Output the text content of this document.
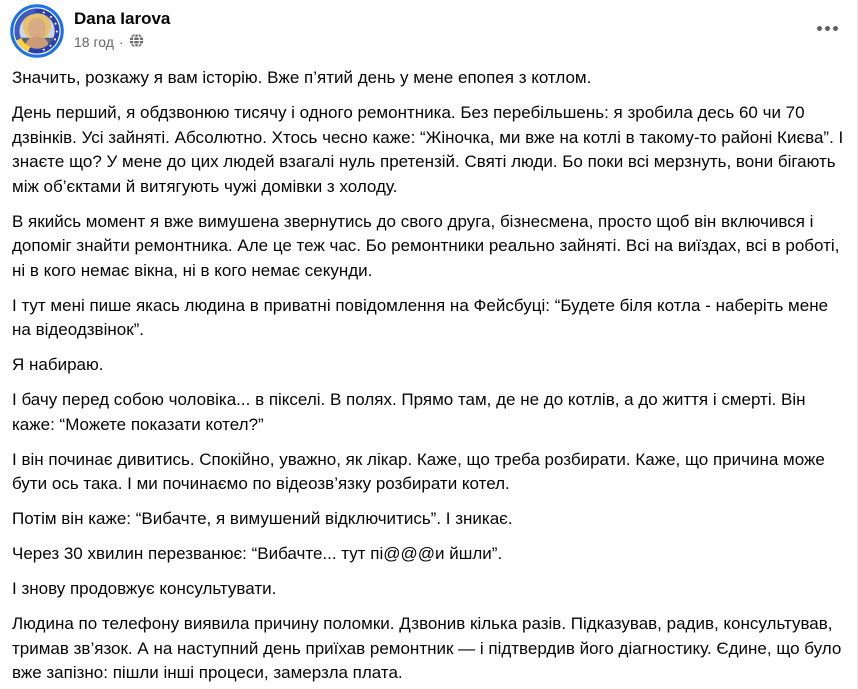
Dana Iarova
18 год ·

Значить, розкажу я вам історію. Вже п’ятий день у мене епопея з котлом.

День перший, я обдзвонюю тисячу і одного ремонтника. Без перебільшень: я зробила десь 60 чи 70 дзвінків. Усі зайняті. Абсолютно. Хтось чесно каже: “Жіночка, ми вже на котлі в такому-то районі Києва”. І знаєте що? У мене до цих людей взагалі нуль претензій. Святі люди. Бо поки всі мерзнуть, вони бігають між об’єктами й витягують чужі домівки з холоду.

В якийсь момент я вже вимушена звернутись до свого друга, бізнесмена, просто щоб він включився і допоміг знайти ремонтника. Але це теж час. Бо ремонтники реально зайняті. Всі на виїздах, всі в роботі, ні в кого немає вікна, ні в кого немає секунди.

І тут мені пише якась людина в приватні повідомлення на Фейсбуці: “Будете біля котла - наберіть мене на відеодзвінок”.

Я набираю.

І бачу перед собою чоловіка... в пікселі. В полях. Прямо там, де не до котлів, а до життя і смерті. Він каже: “Можете показати котел?”

І він починає дивитись. Спокійно, уважно, як лікар. Каже, що треба розбирати. Каже, що причина може бути ось така. І ми починаємо по відеозв’язку розбирати котел.

Потім він каже: “Вибачте, я вимушений відключитись”. І зникає.

Через 30 хвилин перезванює: “Вибачте... тут пі@@@и йшли”.

І знову продовжує консультувати.

Людина по телефону виявила причину поломки. Дзвонив кілька разів. Підказував, радив, консультував, тримав зв’язок. А на наступний день приїхав ремонтник — і підтвердив його діагностику. Єдине, що було вже запізно: пішли інші процеси, замерзла плата.
